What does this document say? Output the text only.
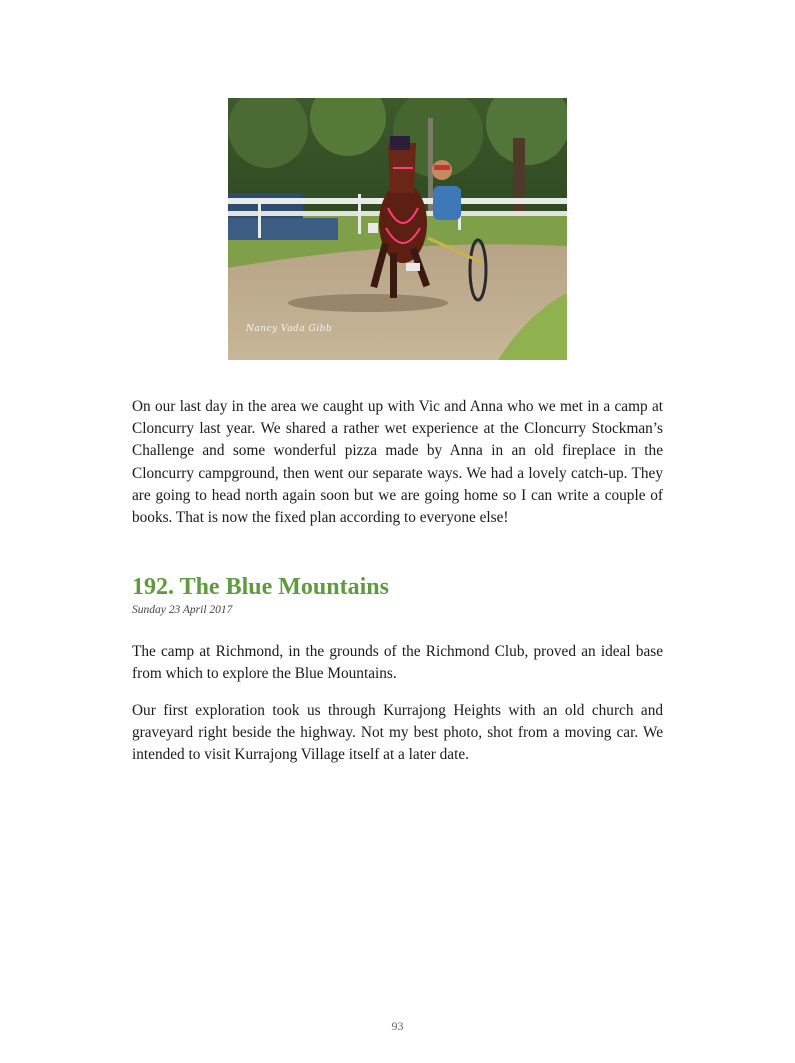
Nancy Vada Gibb

On our last day in the area we caught up with Vic and Anna who we met in a camp at Cloncurry last year. We shared a rather wet experience at the Cloncurry Stockman’s Challenge and some wonderful pizza made by Anna in an old fireplace in the Cloncurry campground, then went our separate ways. We had a lovely catch-up. They are going to head north again soon but we are going home so I can write a couple of books. That is now the fixed plan according to everyone else!

192. The Blue Mountains
Sunday 23 April 2017

The camp at Richmond, in the grounds of the Richmond Club, proved an ideal base from which to explore the Blue Mountains.

Our first exploration took us through Kurrajong Heights with an old church and graveyard right beside the highway. Not my best photo, shot from a moving car. We intended to visit Kurrajong Village itself at a later date.

93
